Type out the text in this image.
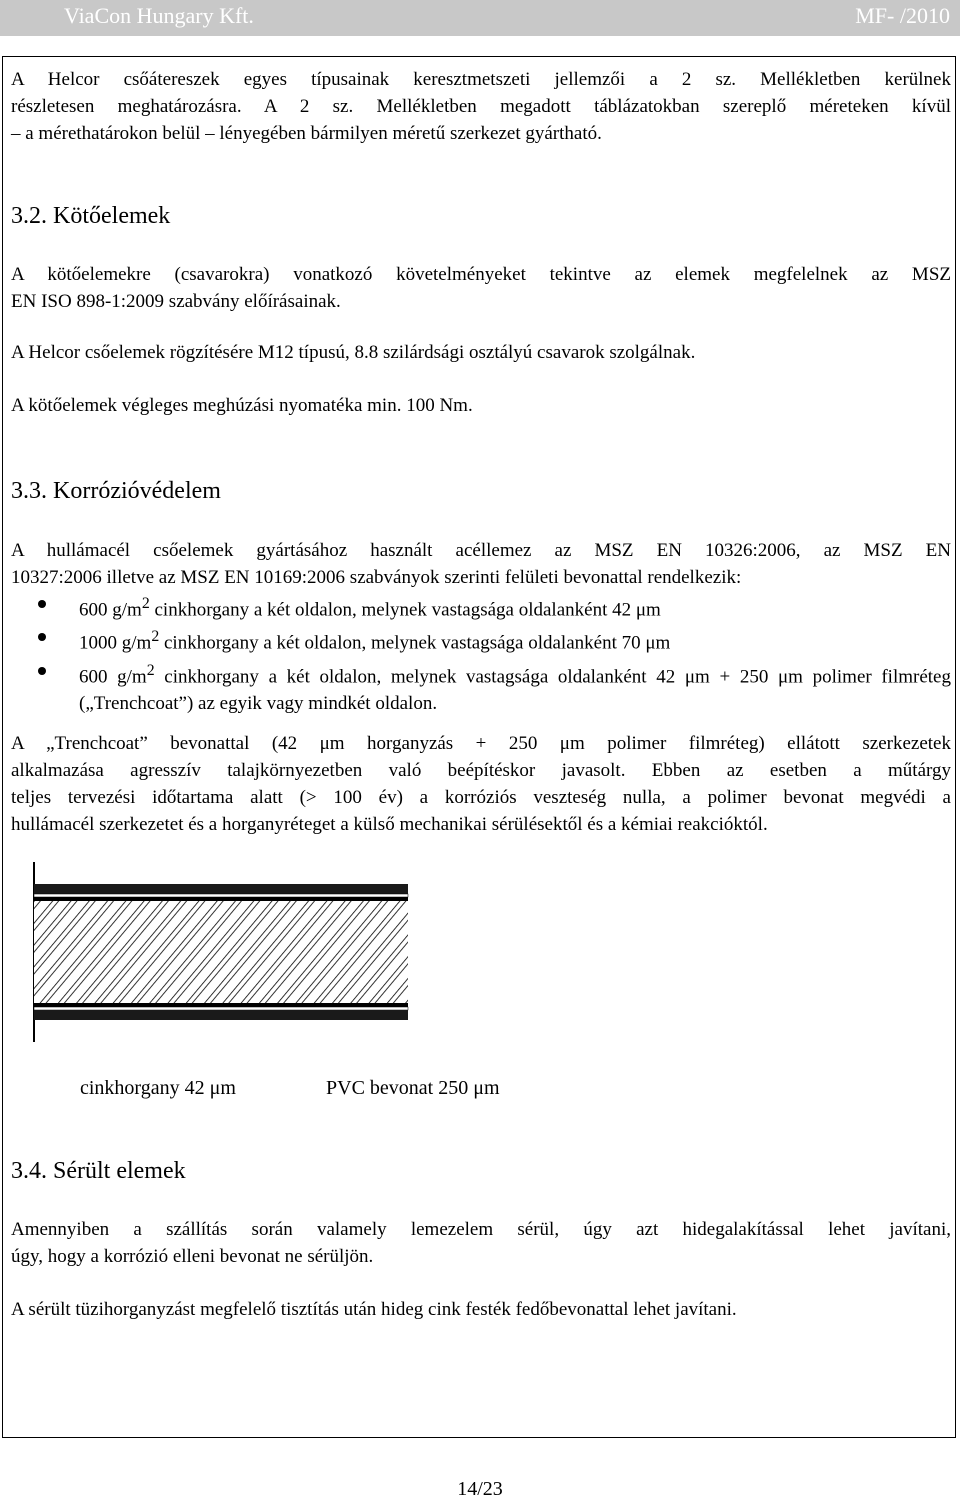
ViaCon Hungary Kft.	MF- /2010
A Helcor csőátereszek egyes típusainak keresztmetszeti jellemzői a 2 sz. Mellékletben kerülnek
részletesen meghatározásra. A 2 sz. Mellékletben megadott táblázatokban szereplő méreteken kívül
– a mérethatárokon belül – lényegében bármilyen méretű szerkezet gyártható.
3.2. Kötőelemek
A kötőelemekre (csavarokra) vonatkozó követelményeket tekintve az elemek megfelelnek az MSZ
EN ISO 898-1:2009 szabvány előírásainak.
A Helcor csőelemek rögzítésére M12 típusú, 8.8 szilárdsági osztályú csavarok szolgálnak.
A kötőelemek végleges meghúzási nyomatéka min. 100 Nm.
3.3. Korrózióvédelem
A hullámacél csőelemek gyártásához használt acéllemez az MSZ EN 10326:2006, az MSZ EN
10327:2006 illetve az MSZ EN 10169:2006 szabványok szerinti felületi bevonattal rendelkezik:
600 $g/m^2$ cinkhorgany a két oldalon, melynek vastagsága oldalanként 42 μm
1000 $g/m^2$ cinkhorgany a két oldalon, melynek vastagsága oldalanként 70 μm
600 $g/m^2$ cinkhorgany a két oldalon, melynek vastagsága oldalanként 42 μm + 250 μm polimer filmréteg („Trenchcoat”) az egyik vagy mindkét oldalon.
A „Trenchcoat” bevonattal (42 μm horganyzás + 250 μm polimer filmréteg) ellátott szerkezetek
alkalmazása agresszív talajkörnyezetben való beépítéskor javasolt. Ebben az esetben a műtárgy
teljes tervezési időtartama alatt (> 100 év) a korróziós veszteség nulla, a polimer bevonat megvédi a
hullámacél szerkezetet és a horganyréteget a külső mechanikai sérülésektől és a kémiai reakcióktól.
cinkhorgany 42 μm	PVC bevonat 250 μm
3.4. Sérült elemek
Amennyiben a szállítás során valamely lemezelem sérül, úgy azt hidegalakítással lehet javítani,
úgy, hogy a korrózió elleni bevonat ne sérüljön.
A sérült tüzihorganyzást megfelelő tisztítás után hideg cink festék fedőbevonattal lehet javítani.
14/23
